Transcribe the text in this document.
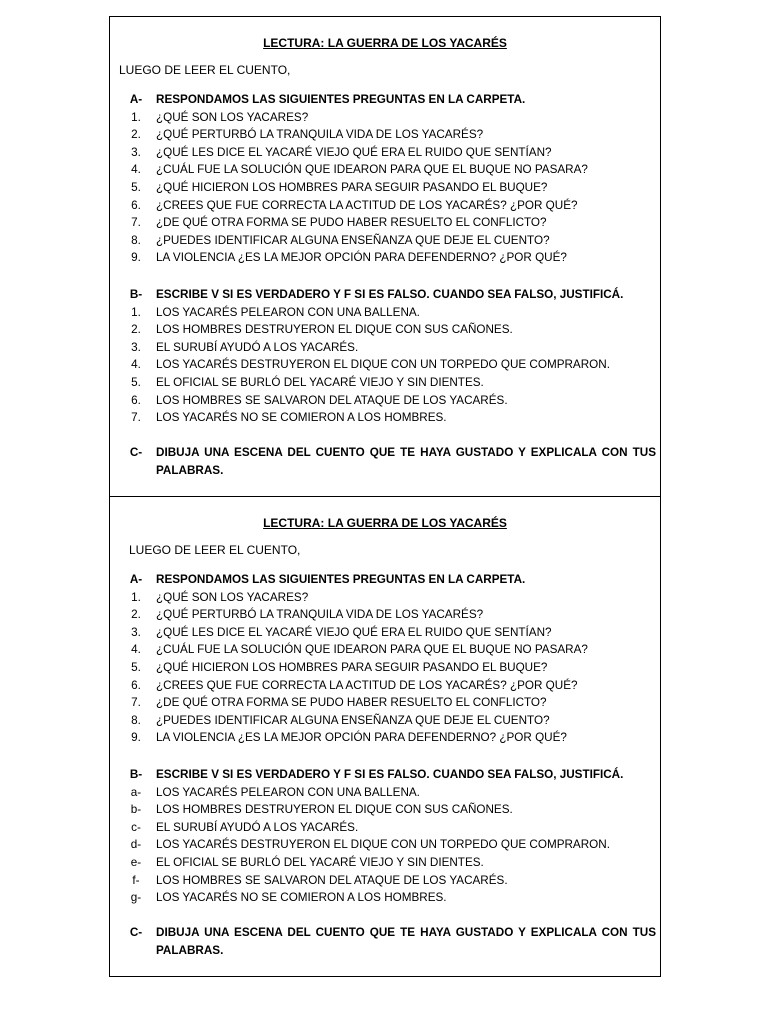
LECTURA: LA GUERRA DE LOS YACARÉS
LUEGO DE LEER EL CUENTO,
A-	RESPONDAMOS LAS SIGUIENTES PREGUNTAS EN LA CARPETA.
1.	¿QUÉ SON LOS YACARES?
2.	¿QUÉ PERTURBÓ LA TRANQUILA VIDA DE LOS YACARÉS?
3.	¿QUÉ LES DICE EL YACARÉ VIEJO QUÉ ERA EL RUIDO QUE SENTÍAN?
4.	¿CUÁL FUE LA SOLUCIÓN QUE IDEARON PARA QUE EL BUQUE NO PASARA?
5.	¿QUÉ HICIERON LOS HOMBRES PARA SEGUIR PASANDO EL BUQUE?
6.	¿CREES QUE FUE CORRECTA LA ACTITUD DE LOS YACARÉS? ¿POR QUÉ?
7.	¿DE QUÉ OTRA FORMA SE PUDO HABER RESUELTO EL CONFLICTO?
8.	¿PUEDES IDENTIFICAR ALGUNA ENSEÑANZA QUE DEJE EL CUENTO?
9.	LA VIOLENCIA ¿ES LA MEJOR OPCIÓN PARA DEFENDERNO? ¿POR QUÉ?
B-	ESCRIBE V SI ES VERDADERO Y F SI ES FALSO. CUANDO SEA FALSO, JUSTIFICÁ.
1.	LOS YACARÉS PELEARON CON UNA BALLENA.
2.	LOS HOMBRES DESTRUYERON EL DIQUE CON SUS CAÑONES.
3.	EL SURUBÍ AYUDÓ A LOS YACARÉS.
4.	LOS YACARÉS DESTRUYERON EL DIQUE CON UN TORPEDO QUE COMPRARON.
5.	EL OFICIAL SE BURLÓ DEL YACARÉ VIEJO Y SIN DIENTES.
6.	LOS HOMBRES SE SALVARON DEL ATAQUE DE LOS YACARÉS.
7.	LOS YACARÉS NO SE COMIERON A LOS HOMBRES.
C-	DIBUJA UNA ESCENA DEL CUENTO QUE TE HAYA GUSTADO Y EXPLICALA CON TUS PALABRAS.
LECTURA: LA GUERRA DE LOS YACARÉS
LUEGO DE LEER EL CUENTO,
A-	RESPONDAMOS LAS SIGUIENTES PREGUNTAS EN LA CARPETA.
1.	¿QUÉ SON LOS YACARES?
2.	¿QUÉ PERTURBÓ LA TRANQUILA VIDA DE LOS YACARÉS?
3.	¿QUÉ LES DICE EL YACARÉ VIEJO QUÉ ERA EL RUIDO QUE SENTÍAN?
4.	¿CUÁL FUE LA SOLUCIÓN QUE IDEARON PARA QUE EL BUQUE NO PASARA?
5.	¿QUÉ HICIERON LOS HOMBRES PARA SEGUIR PASANDO EL BUQUE?
6.	¿CREES QUE FUE CORRECTA LA ACTITUD DE LOS YACARÉS? ¿POR QUÉ?
7.	¿DE QUÉ OTRA FORMA SE PUDO HABER RESUELTO EL CONFLICTO?
8.	¿PUEDES IDENTIFICAR ALGUNA ENSEÑANZA QUE DEJE EL CUENTO?
9.	LA VIOLENCIA ¿ES LA MEJOR OPCIÓN PARA DEFENDERNO? ¿POR QUÉ?
B-	ESCRIBE V SI ES VERDADERO Y F SI ES FALSO. CUANDO SEA FALSO, JUSTIFICÁ.
a-	LOS YACARÉS PELEARON CON UNA BALLENA.
b-	LOS HOMBRES DESTRUYERON EL DIQUE CON SUS CAÑONES.
c-	EL SURUBÍ AYUDÓ A LOS YACARÉS.
d-	LOS YACARÉS DESTRUYERON EL DIQUE CON UN TORPEDO QUE COMPRARON.
e-	EL OFICIAL SE BURLÓ DEL YACARÉ VIEJO Y SIN DIENTES.
f-	LOS HOMBRES SE SALVARON DEL ATAQUE DE LOS YACARÉS.
g-	LOS YACARÉS NO SE COMIERON A LOS HOMBRES.
C-	DIBUJA UNA ESCENA DEL CUENTO QUE TE HAYA GUSTADO Y EXPLICALA CON TUS PALABRAS.
